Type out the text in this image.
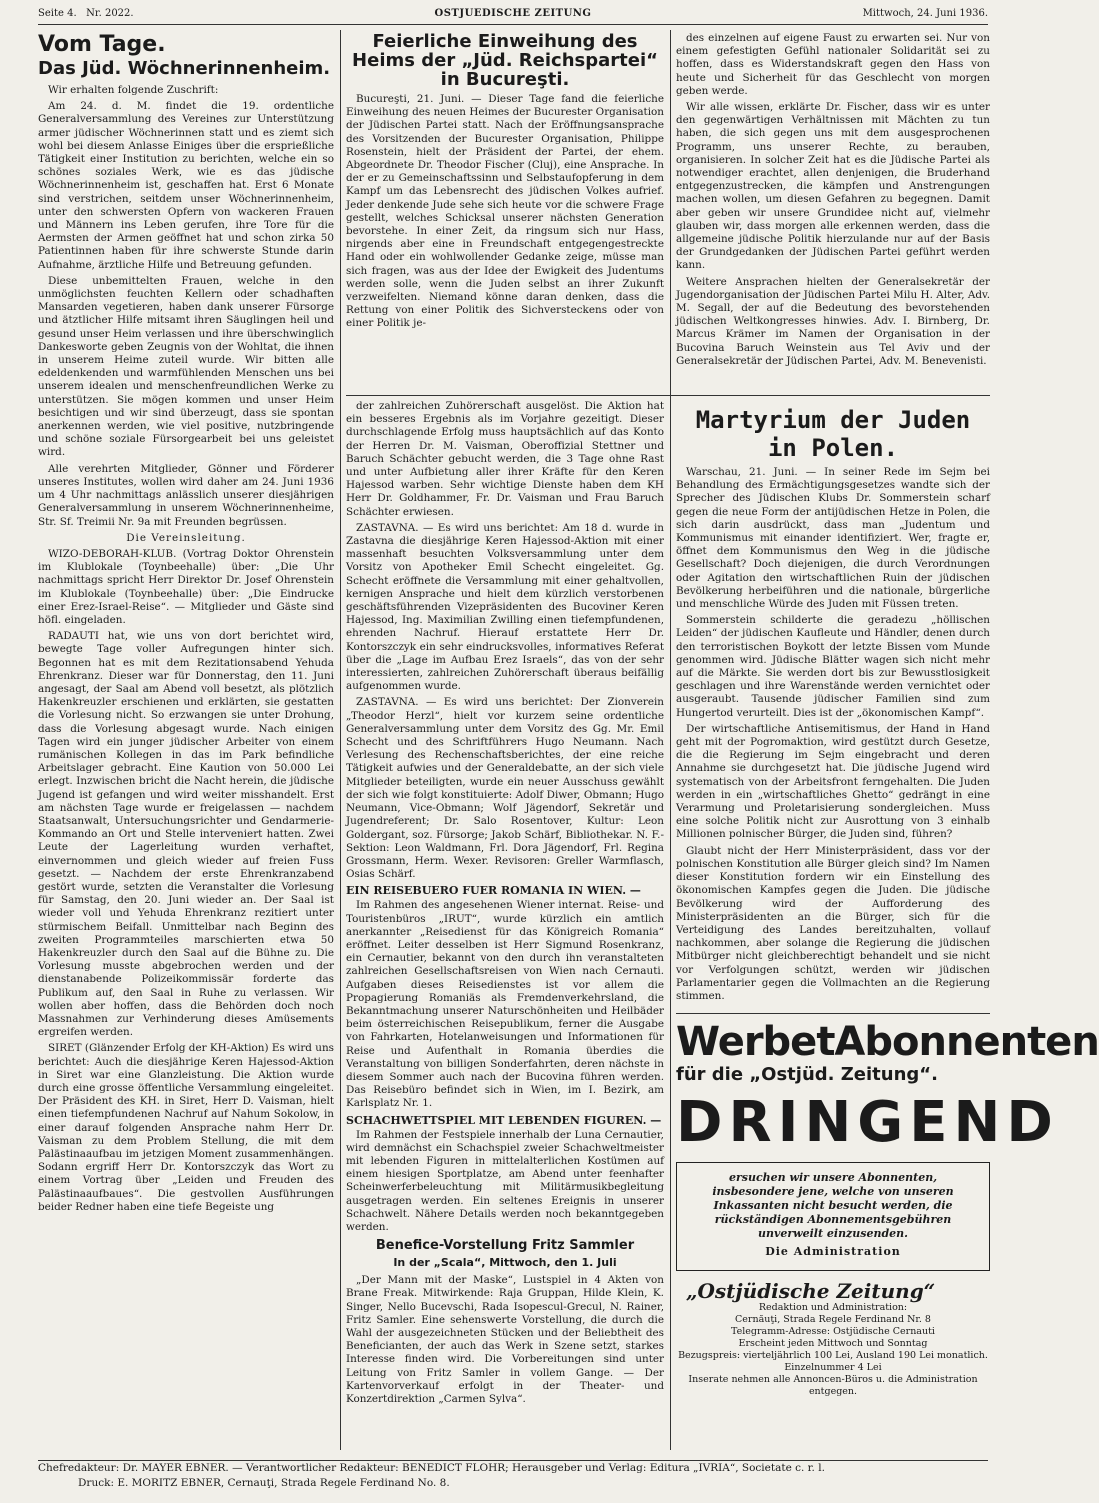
Seite 4. Nr. 2022.	OSTJUEDISCHE ZEITUNG	Mittwoch, 24. Juni 1936.
Vom Tage.
Das Jüd. Wöchnerinnenheim.

Wir erhalten folgende Zuschrift:

Am 24. d. M. findet die 19. ordentliche Generalversammlung des Vereines zur Unterstützung armer jüdischer Wöchnerinnen statt und es ziemt sich wohl bei diesem Anlasse Einiges über die ersprießliche Tätigkeit einer Institution zu berichten, welche ein so schönes soziales Werk, wie es das jüdische Wöchnerinnenheim ist, geschaffen hat. Erst 6 Monate sind verstrichen, seitdem unser Wöchnerinnenheim, unter den schwersten Opfern von wackeren Frauen und Männern ins Leben gerufen, ihre Tore für die Aermsten der Armen geöffnet hat und schon zirka 50 Patientinnen haben für ihre schwerste Stunde darin Aufnahme, ärztliche Hilfe und Betreuung gefunden.

Diese unbemittelten Frauen, welche in den unmöglichsten feuchten Kellern oder schadhaften Mansarden vegetieren, haben dank unserer Fürsorge und ätztlicher Hilfe mitsamt ihren Säuglingen heil und gesund unser Heim verlassen und ihre überschwinglich Dankesworte geben Zeugnis von der Wohltat, die ihnen in unserem Heime zuteil wurde. Wir bitten alle edeldenkenden und warmfühlenden Menschen uns bei unserem idealen und menschenfreundlichen Werke zu unterstützen. Sie mögen kommen und unser Heim besichtigen und wir sind überzeugt, dass sie spontan anerkennen werden, wie viel positive, nutzbringende und schöne soziale Fürsorgearbeit bei uns geleistet wird.

Alle verehrten Mitglieder, Gönner und Förderer unseres Institutes, wollen wird daher am 24. Juni 1936 um 4 Uhr nachmittags anlässlich unserer diesjährigen Generalversammlung in unserem Wöchnerinnenheime, Str. Sf. Treimii Nr. 9a mit Freunden begrüssen.

Die Vereinsleitung.

WIZO-DEBORAH-KLUB. (Vortrag Doktor Ohrenstein im Klublokale (Toynbeehalle) über: „Die Uhr nachmittags spricht Herr Direktor Dr. Josef Ohrenstein im Klublokale (Toynbeehalle) über: „Die Eindrucke einer Erez-Israel-Reise“. — Mitglieder und Gäste sind höfl. eingeladen.

RADAUTI hat, wie uns von dort berichtet wird, bewegte Tage voller Aufregungen hinter sich. Begonnen hat es mit dem Rezitationsabend Yehuda Ehrenkranz. Dieser war für Donnerstag, den 11. Juni angesagt, der Saal am Abend voll besetzt, als plötzlich Hakenkreuzler erschienen und erklärten, sie gestatten die Vorlesung nicht. So erzwangen sie unter Drohung, dass die Vorlesung abgesagt wurde. Nach einigen Tagen wird ein junger jüdischer Arbeiter von einem rumänischen Kollegen in das im Park befindliche Arbeitslager gebracht. Eine Kaution von 50.000 Lei erlegt. Inzwischen bricht die Nacht herein, die jüdische Jugend ist gefangen und wird weiter misshandelt. Erst am nächsten Tage wurde er freigelassen — nachdem Staatsanwalt, Untersuchungsrichter und Gendarmerie-Kommando an Ort und Stelle interveniert hatten. Zwei Leute der Lagerleitung wurden verhaftet, einvernommen und gleich wieder auf freien Fuss gesetzt. — Nachdem der erste Ehrenkranzabend gestört wurde, setzten die Veranstalter die Vorlesung für Samstag, den 20. Juni wieder an. Der Saal ist wieder voll und Yehuda Ehrenkranz rezitiert unter stürmischem Beifall. Unmittelbar nach Beginn des zweiten Programmteiles marschierten etwa 50 Hakenkreuzler durch den Saal auf die Bühne zu. Die Vorlesung musste abgebrochen werden und der dienstanabende Polizeikommissär forderte das Publikum auf, den Saal in Ruhe zu verlassen. Wir wollen aber hoffen, dass die Behörden doch noch Massnahmen zur Verhinderung dieses Amüsements ergreifen werden.

SIRET (Glänzender Erfolg der KH-Aktion) Es wird uns berichtet: Auch die diesjährige Keren Hajessod-Aktion in Siret war eine Glanzleistung. Die Aktion wurde durch eine grosse öffentliche Versammlung eingeleitet. Der Präsident des KH. in Siret, Herr D. Vaisman, hielt einen tiefempfundenen Nachruf auf Nahum Sokolow, in einer darauf folgenden Ansprache nahm Herr Dr. Vaisman zu dem Problem Stellung, die mit dem Palästinaaufbau im jetzigen Moment zusammenhängen. Sodann ergriff Herr Dr. Kontorszczyk das Wort zu einem Vortrag über „Leiden und Freuden des Palästinaaufbaues“. Die gestvollen Ausführungen beider Redner haben eine tiefe Begeiste ung

Feierliche Einweihung des Heims der „Jüd. Reichspartei“ in Bucureşti.

Bucureşti, 21. Juni. — Dieser Tage fand die feierliche Einweihung des neuen Heimes der Bucurester Organisation der Jüdischen Partei statt. Nach der Eröffnungsansprache des Vorsitzenden der Bucurester Organisation, Philippe Rosenstein, hielt der Präsident der Partei, der ehem. Abgeordnete Dr. Theodor Fischer (Cluj), eine Ansprache. In der er zu Gemeinschaftssinn und Selbstaufopferung in dem Kampf um das Lebensrecht des jüdischen Volkes aufrief. Jeder denkende Jude sehe sich heute vor die schwere Frage gestellt, welches Schicksal unserer nächsten Generation bevorstehe. In einer Zeit, da ringsum sich nur Hass, nirgends aber eine in Freundschaft entgegengestreckte Hand oder ein wohlwollender Gedanke zeige, müsse man sich fragen, was aus der Idee der Ewigkeit des Judentums werden solle, wenn die Juden selbst an ihrer Zukunft verzweifelten. Niemand könne daran denken, dass die Rettung von einer Politik des Sichversteckens oder von einer Politik je-

des einzelnen auf eigene Faust zu erwarten sei. Nur von einem gefestigten Gefühl nationaler Solidarität sei zu hoffen, dass es Widerstandskraft gegen den Hass von heute und Sicherheit für das Geschlecht von morgen geben werde.

Wir alle wissen, erklärte Dr. Fischer, dass wir es unter den gegenwärtigen Verhältnissen mit Mächten zu tun haben, die sich gegen uns mit dem ausgesprochenen Programm, uns unserer Rechte, zu berauben, organisieren. In solcher Zeit hat es die Jüdische Partei als notwendiger erachtet, allen denjenigen, die Bruderhand entgegenzustrecken, die kämpfen und Anstrengungen machen wollen, um diesen Gefahren zu begegnen. Damit aber geben wir unsere Grundidee nicht auf, vielmehr glauben wir, dass morgen alle erkennen werden, dass die allgemeine jüdische Politik hierzulande nur auf der Basis der Grundgedanken der Jüdischen Partei geführt werden kann.

Weitere Ansprachen hielten der Generalsekretär der Jugendorganisation der Jüdischen Partei Milu H. Alter, Adv. M. Segall, der auf die Bedeutung des bevorstehenden jüdischen Weltkongresses hinwies. Adv. I. Birnberg, Dr. Marcus Krämer im Namen der Organisation in der Bucovina Baruch Weinstein aus Tel Aviv und der Generalsekretär der Jüdischen Partei, Adv. M. Benevenisti.

der zahlreichen Zuhörerschaft ausgelöst. Die Aktion hat ein besseres Ergebnis als im Vorjahre gezeitigt. Dieser durchschlagende Erfolg muss hauptsächlich auf das Konto der Herren Dr. M. Vaisman, Oberoffizial Stettner und Baruch Schächter gebucht werden, die 3 Tage ohne Rast und unter Aufbietung aller ihrer Kräfte für den Keren Hajessod warben. Sehr wichtige Dienste haben dem KH Herr Dr. Goldhammer, Fr. Dr. Vaisman und Frau Baruch Schächter erwiesen.

ZASTAVNA. — Es wird uns berichtet: Am 18 d. wurde in Zastavna die diesjährige Keren Hajessod-Aktion mit einer massenhaft besuchten Volksversammlung unter dem Vorsitz von Apotheker Emil Schecht eingeleitet. Gg. Schecht eröffnete die Versammlung mit einer gehaltvollen, kernigen Ansprache und hielt dem kürzlich verstorbenen geschäftsführenden Vizepräsidenten des Bucoviner Keren Hajessod, Ing. Maximilian Zwilling einen tiefempfundenen, ehrenden Nachruf. Hierauf erstattete Herr Dr. Kontorszczyk ein sehr eindrucksvolles, informatives Referat über die „Lage im Aufbau Erez Israels“, das von der sehr interessierten, zahlreichen Zuhörerschaft überaus beifällig aufgenommen wurde.

ZASTAVNA. — Es wird uns berichtet: Der Zionverein „Theodor Herzl“, hielt vor kurzem seine ordentliche Generalversammlung unter dem Vorsitz des Gg. Mr. Emil Schecht und des Schriftführers Hugo Neumann. Nach Verlesung des Rechenschaftsberichtes, der eine reiche Tätigkeit aufwies und der Generaldebatte, an der sich viele Mitglieder beteiligten, wurde ein neuer Ausschuss gewählt der sich wie folgt konstituierte: Adolf Diwer, Obmann; Hugo Neumann, Vice-Obmann; Wolf Jägendorf, Sekretär und Jugendreferent; Dr. Salo Rosentover, Kultur: Leon Goldergant, soz. Fürsorge; Jakob Schärf, Bibliothekar. N. F.-Sektion: Leon Waldmann, Frl. Dora Jägendorf, Frl. Regina Grossmann, Herm. Wexer. Revisoren: Greller Warmflasch, Osias Schärf.

EIN REISEBUERO FUER ROMANIA IN WIEN. —

Im Rahmen des angesehenen Wiener internat. Reise- und Touristenbüros „IRUT“, wurde kürzlich ein amtlich anerkannter „Reisedienst für das Königreich Romania“ eröffnet. Leiter desselben ist Herr Sigmund Rosenkranz, ein Cernautier, bekannt von den durch ihn veranstalteten zahlreichen Gesellschaftsreisen von Wien nach Cernauti. Aufgaben dieses Reisedienstes ist vor allem die Propagierung Romaniäs als Fremdenverkehrsland, die Bekanntmachung unserer Naturschönheiten und Heilbäder beim österreichischen Reisepublikum, ferner die Ausgabe von Fahrkarten, Hotelanweisungen und Informationen für Reise und Aufenthalt in Romania überdies die Veranstaltung von billigen Sonderfahrten, deren nächste in diesem Sommer auch nach der Bucovina führen werden. Das Reisebüro befindet sich in Wien, im I. Bezirk, am Karlsplatz Nr. 1.

SCHACHWETTSPIEL MIT LEBENDEN FIGUREN. —

Im Rahmen der Festspiele innerhalb der Luna Cernautier, wird demnächst ein Schachspiel zweier Schachweltmeister mit lebenden Figuren in mittelalterlichen Kostümen auf einem hiesigen Sportplatze, am Abend unter feenhafter Scheinwerferbeleuchtung mit Militärmusikbegleitung ausgetragen werden. Ein seltenes Ereignis in unserer Schachwelt. Nähere Details werden noch bekanntgegeben werden.

Benefice-Vorstellung Fritz Sammler
In der „Scala“, Mittwoch, den 1. Juli

„Der Mann mit der Maske“, Lustspiel in 4 Akten von Brane Freak. Mitwirkende: Raja Gruppan, Hilde Klein, K. Singer, Nello Bucevschi, Rada Isopescul-Grecul, N. Rainer, Fritz Samler. Eine sehenswerte Vorstellung, die durch die Wahl der ausgezeichneten Stücken und der Beliebtheit des Beneficianten, der auch das Werk in Szene setzt, starkes Interesse finden wird. Die Vorbereitungen sind unter Leitung von Fritz Samler in vollem Gange. — Der Kartenvorverkauf erfolgt in der Theater- und Konzertdirektion „Carmen Sylva“.

Martyrium der Juden in Polen.

Warschau, 21. Juni. — In seiner Rede im Sejm bei Behandlung des Ermächtigungsgesetzes wandte sich der Sprecher des Jüdischen Klubs Dr. Sommerstein scharf gegen die neue Form der antijüdischen Hetze in Polen, die sich darin ausdrückt, dass man „Judentum und Kommunismus mit einander identifiziert. Wer, fragte er, öffnet dem Kommunismus den Weg in die jüdische Gesellschaft? Doch diejenigen, die durch Verordnungen oder Agitation den wirtschaftlichen Ruin der jüdischen Bevölkerung herbeiführen und die nationale, bürgerliche und menschliche Würde des Juden mit Füssen treten.

Sommerstein schilderte die geradezu „höllischen Leiden“ der jüdischen Kaufleute und Händler, denen durch den terroristischen Boykott der letzte Bissen vom Munde genommen wird. Jüdische Blätter wagen sich nicht mehr auf die Märkte. Sie werden dort bis zur Bewusstlosigkeit geschlagen und ihre Warenstände werden vernichtet oder ausgeraubt. Tausende jüdischer Familien sind zum Hungertod verurteilt. Dies ist der „ökonomischen Kampf“.

Der wirtschaftliche Antisemitismus, der Hand in Hand geht mit der Pogromaktion, wird gestützt durch Gesetze, die die Regierung im Sejm eingebracht und deren Annahme sie durchgesetzt hat. Die jüdische Jugend wird systematisch von der Arbeitsfront ferngehalten. Die Juden werden in ein „wirtschaftliches Ghetto“ gedrängt in eine Verarmung und Proletarisierung sondergleichen. Muss eine solche Politik nicht zur Ausrottung von 3 einhalb Millionen polnischer Bürger, die Juden sind, führen?

Glaubt nicht der Herr Ministerpräsident, dass vor der polnischen Konstitution alle Bürger gleich sind? Im Namen dieser Konstitution fordern wir ein Einstellung des ökonomischen Kampfes gegen die Juden. Die jüdische Bevölkerung wird der Aufforderung des Ministerpräsidenten an die Bürger, sich für die Verteidigung des Landes bereitzuhalten, vollauf nachkommen, aber solange die Regierung die jüdischen Mitbürger nicht gleichberechtigt behandelt und sie nicht vor Verfolgungen schützt, werden wir jüdischen Parlamentarier gegen die Vollmachten an die Regierung stimmen.

WerbetAbonnenten
für die „Ostjüd. Zeitung“.
DRINGEND

ersuchen wir unsere Abonnenten, insbesondere jene, welche von unseren Inkassanten nicht besucht werden, die rückständigen Abonnementsgebühren unverweilt einzusenden.

Die Administration

„Ostjüdische Zeitung“

Redaktion und Administration:

Cernăuţi, Strada Regele Ferdinand Nr. 8

Telegramm-Adresse: Ostjüdische Cernauti

Erscheint jeden Mittwoch und Sonntag

Bezugspreis: vierteljährlich 100 Lei, Ausland 190 Lei monatlich. Einzelnummer 4 Lei

Inserate nehmen alle Annoncen-Büros u. die Administration entgegen.

Chefredakteur: Dr. MAYER EBNER. — Verantwortlicher Redakteur: BENEDICT FLOHR; Herausgeber und Verlag: Editura „IVRIA“, Societate c. r. l.
Druck: E. MORITZ EBNER, Cernauţi, Strada Regele Ferdinand No. 8.
